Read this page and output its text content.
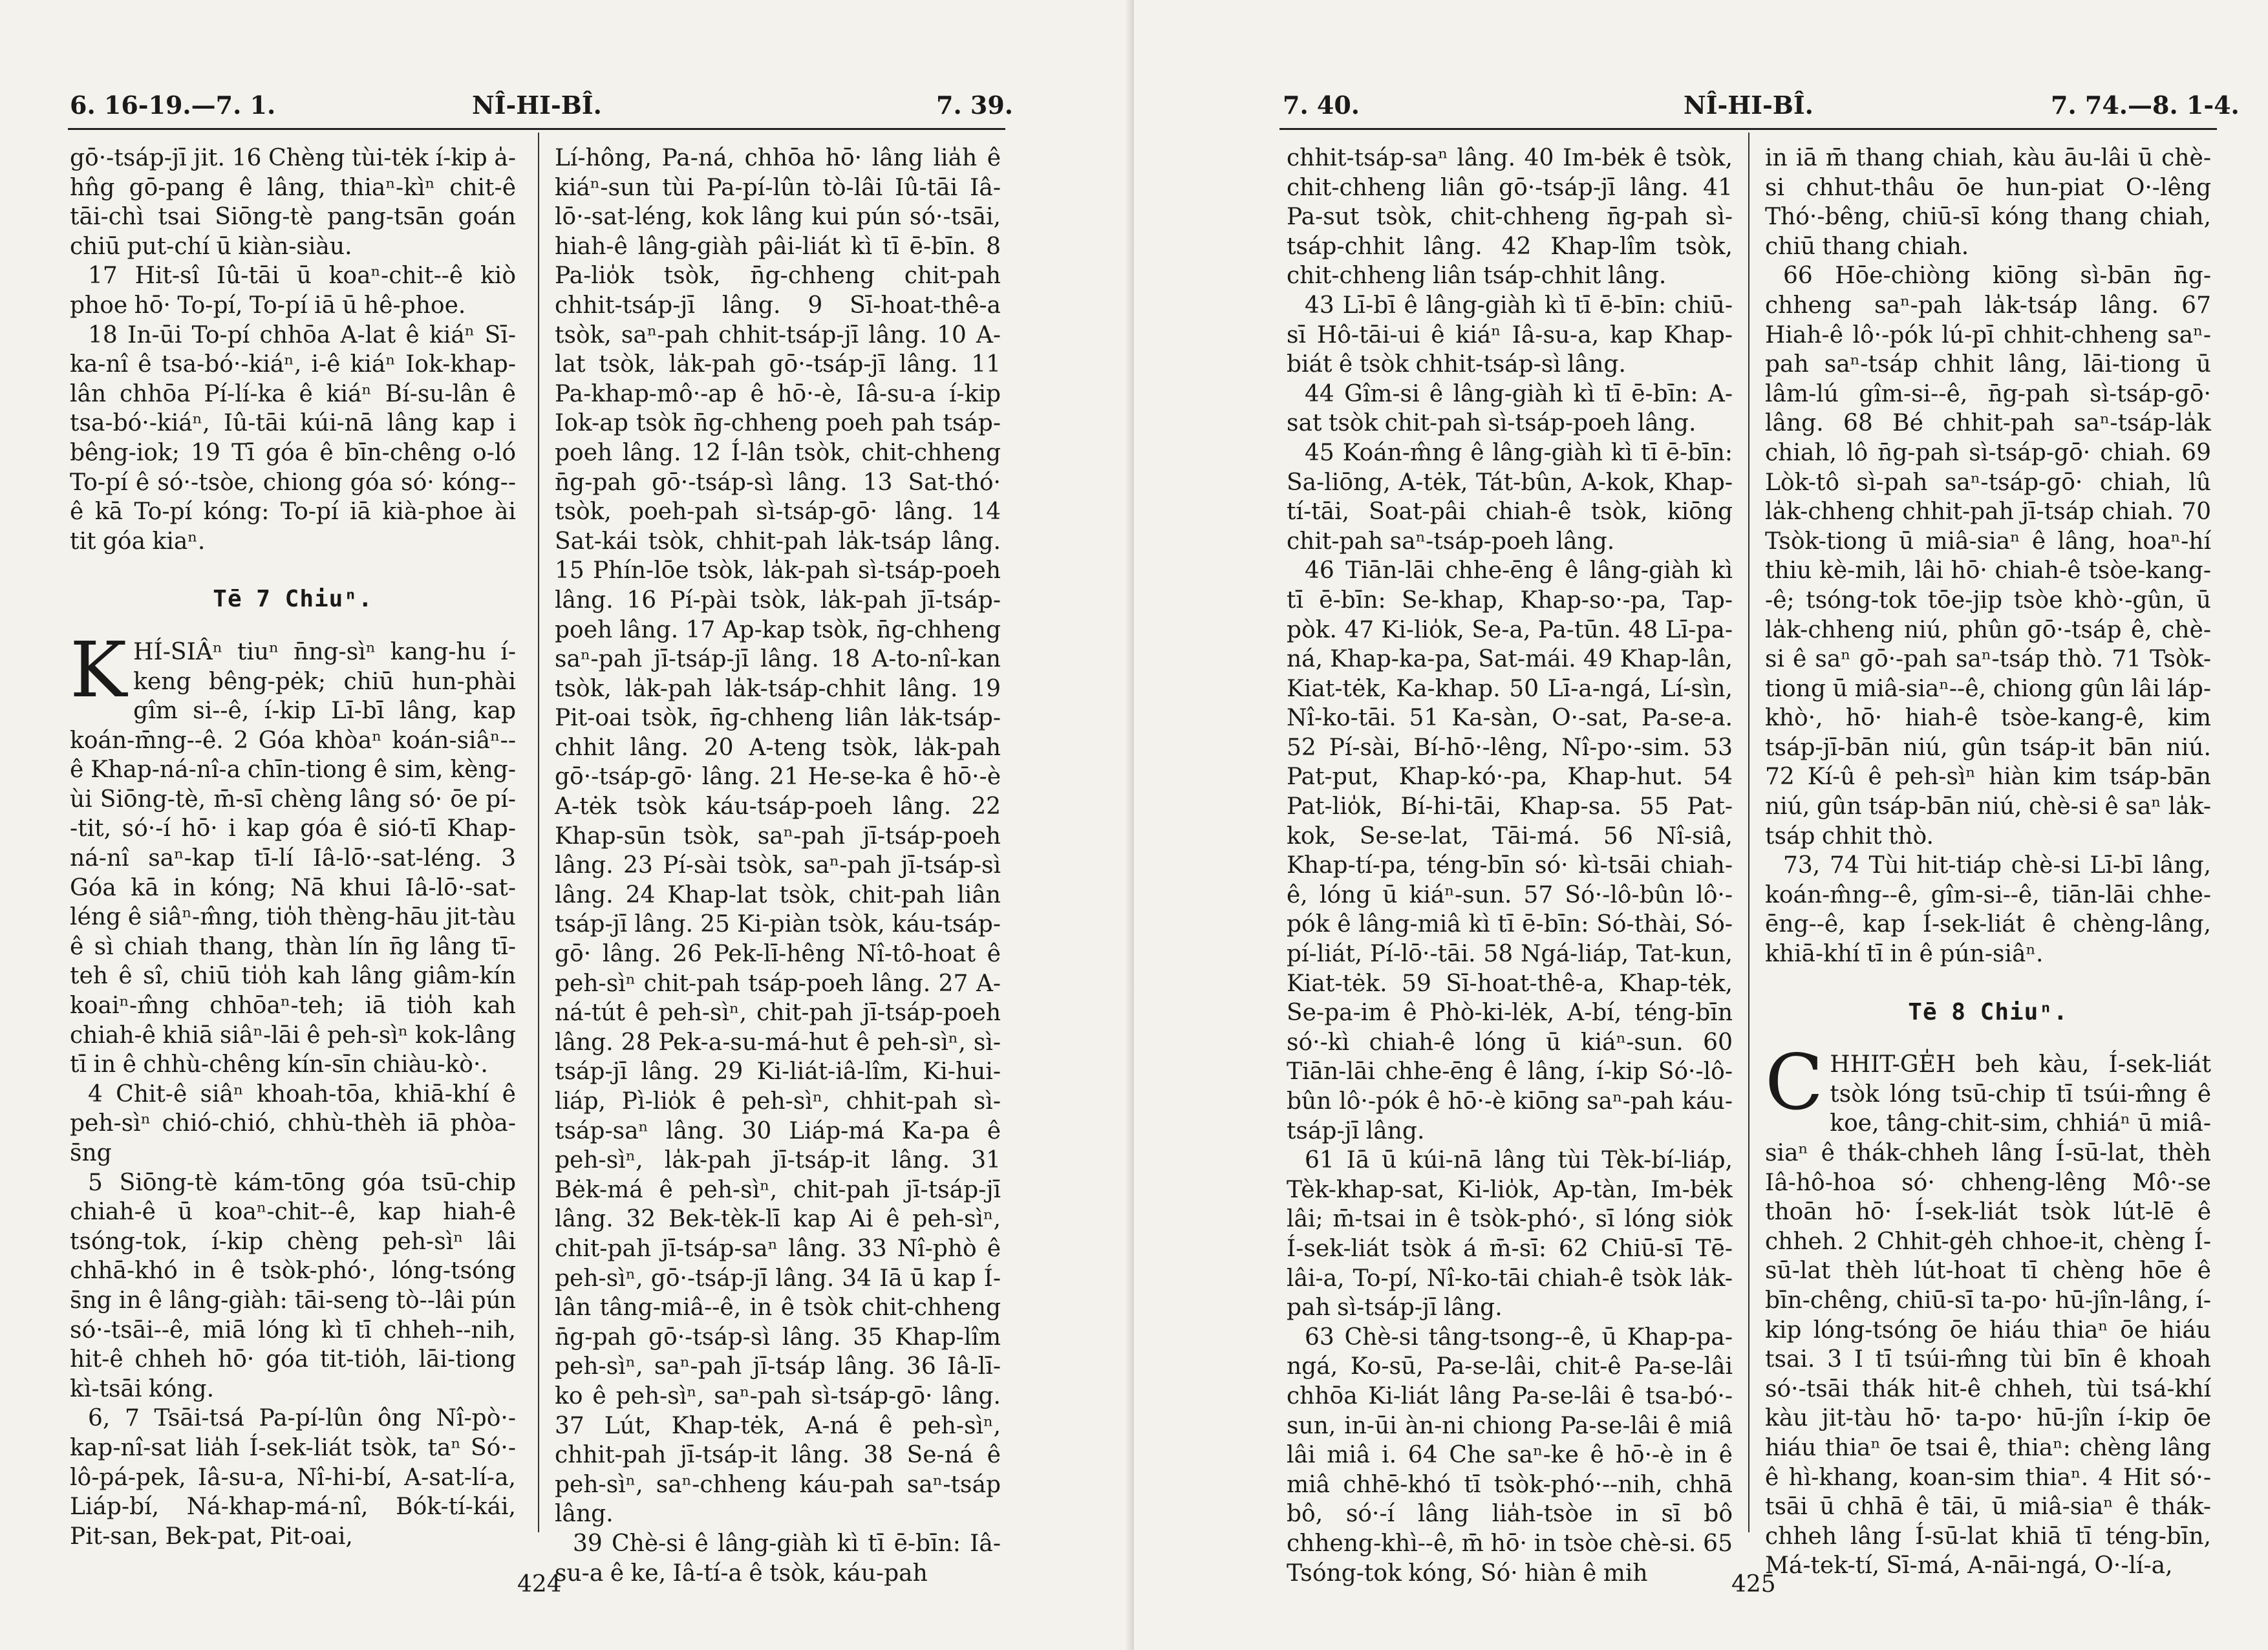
6. 16-19.—7. 1.	NÎ-HI-BÎ.	7. 39.

gō·-tsáp-jī jit. 16 Chèng tùi-tėk í-kip a̍-hn̂g gō-pang ê lâng, thiaⁿ-kìⁿ chit-ê tāi-chì tsai Siōng-tè pang-tsān goán chiū put-chí ū kiàn-siàu.

17 Hit-sî Iû-tāi ū koaⁿ-chit--ê kiò phoe hō· To-pí, To-pí iā ū hê-phoe.

18 In-ūi To-pí chhōa A-lat ê kiáⁿ Sī-ka-nî ê tsa-bó·-kiáⁿ, i-ê kiáⁿ Iok-khap-lân chhōa Pí-lí-ka ê kiáⁿ Bí-su-lân ê tsa-bó·-kiáⁿ, Iû-tāi kúi-nā lâng kap i bêng-iok; 19 Tī góa ê bīn-chêng o-ló To-pí ê só·-tsòe, chiong góa só· kóng--ê kā To-pí kóng: To-pí iā kià-phoe ài tit góa kiaⁿ.

Tē 7 Chiuⁿ.

KHÍ-SIÂⁿ tiuⁿ n̄ng-sìⁿ kang-hu í-keng bêng-pėk; chiū hun-phài gîm si--ê, í-kip Lī-bī lâng, kap koán-m̄ng--ê. 2 Góa khòaⁿ koán-siâⁿ--ê Khap-ná-nî-a chīn-tiong ê sim, kèng-ùi Siōng-tè, m̄-sī chèng lâng só· ōe pí--tit, só·-í hō· i kap góa ê sió-tī Khap-ná-nî saⁿ-kap tī-lí Iâ-lō·-sat-léng. 3 Góa kā in kóng; Nā khui Iâ-lō·-sat-léng ê siâⁿ-m̂ng, tio̍h thèng-hāu jit-tàu ê sì chiah thang, thàn lín n̄g lâng tī-teh ê sî, chiū tio̍h kah lâng giâm-kín koaiⁿ-m̂ng chhōaⁿ-teh; iā tio̍h kah chiah-ê khiā siâⁿ-lāi ê peh-sìⁿ kok-lâng tī in ê chhù-chêng kín-sīn chiàu-kò·.

4 Chit-ê siâⁿ khoah-tōa, khiā-khí ê peh-sìⁿ chió-chió, chhù-thèh iā phòa-s̄ng

5 Siōng-tè kám-tōng góa tsū-chip chiah-ê ū koaⁿ-chit--ê, kap hiah-ê tsóng-tok, í-kip chèng peh-sìⁿ lâi chhā-khó in ê tsòk-phó·, lóng-tsóng s̄ng in ê lâng-giàh: tāi-seng tò--lâi pún só·-tsāi--ê, miā lóng kì tī chheh--nih, hit-ê chheh hō· góa tit-tio̍h, lāi-tiong kì-tsāi kóng.

6, 7 Tsāi-tsá Pa-pí-lûn ông Nî-pò·-kap-nî-sat lia̍h Í-sek-liát tsòk, taⁿ Só·-lô-pá-pek, Iâ-su-a, Nî-hi-bí, A-sat-lí-a, Liáp-bí, Ná-khap-má-nî, Bók-tí-kái, Pit-san, Bek-pat, Pit-oai,

Lí-hông, Pa-ná, chhōa hō· lâng lia̍h ê kiáⁿ-sun tùi Pa-pí-lûn tò-lâi Iû-tāi Iâ-lō·-sat-léng, kok lâng kui pún só·-tsāi, hiah-ê lâng-giàh pâi-liát kì tī ē-bīn. 8 Pa-lio̍k tsòk, n̄g-chheng chit-pah chhit-tsáp-jī lâng. 9 Sī-hoat-thê-a tsòk, saⁿ-pah chhit-tsáp-jī lâng. 10 A-lat tsòk, la̍k-pah gō·-tsáp-jī lâng. 11 Pa-khap-mô·-ap ê hō·-è, Iâ-su-a í-kip Iok-ap tsòk n̄g-chheng poeh pah tsáp-poeh lâng. 12 Í-lân tsòk, chit-chheng n̄g-pah gō·-tsáp-sì lâng. 13 Sat-thó· tsòk, poeh-pah sì-tsáp-gō· lâng. 14 Sat-kái tsòk, chhit-pah la̍k-tsáp lâng. 15 Phín-lōe tsòk, la̍k-pah sì-tsáp-poeh lâng. 16 Pí-pài tsòk, la̍k-pah jī-tsáp-poeh lâng. 17 Ap-kap tsòk, n̄g-chheng saⁿ-pah jī-tsáp-jī lâng. 18 A-to-nî-kan tsòk, la̍k-pah la̍k-tsáp-chhit lâng. 19 Pit-oai tsòk, n̄g-chheng liân la̍k-tsáp-chhit lâng. 20 A-teng tsòk, la̍k-pah gō·-tsáp-gō· lâng. 21 He-se-ka ê hō·-è A-tėk tsòk káu-tsáp-poeh lâng. 22 Khap-sūn tsòk, saⁿ-pah jī-tsáp-poeh lâng. 23 Pí-sài tsòk, saⁿ-pah jī-tsáp-sì lâng. 24 Khap-lat tsòk, chit-pah liân tsáp-jī lâng. 25 Ki-piàn tsòk, káu-tsáp-gō· lâng. 26 Pek-lī-hêng Nî-tô-hoat ê peh-sìⁿ chit-pah tsáp-poeh lâng. 27 A-ná-tút ê peh-sìⁿ, chit-pah jī-tsáp-poeh lâng. 28 Pek-a-su-má-hut ê peh-sìⁿ, sì-tsáp-jī lâng. 29 Ki-liát-iâ-lîm, Ki-hui-liáp, Pì-lio̍k ê peh-sìⁿ, chhit-pah sì-tsáp-saⁿ lâng. 30 Liáp-má Ka-pa ê peh-sìⁿ, la̍k-pah jī-tsáp-it lâng. 31 Bėk-má ê peh-sìⁿ, chit-pah jī-tsáp-jī lâng. 32 Bek-tèk-lī kap Ai ê peh-sìⁿ, chit-pah jī-tsáp-saⁿ lâng. 33 Nî-phò ê peh-sìⁿ, gō·-tsáp-jī lâng. 34 Iā ū kap Í-lân tâng-miâ--ê, in ê tsòk chit-chheng n̄g-pah gō·-tsáp-sì lâng. 35 Khap-lîm peh-sìⁿ, saⁿ-pah jī-tsáp lâng. 36 Iâ-lī-ko ê peh-sìⁿ, saⁿ-pah sì-tsáp-gō· lâng. 37 Lút, Khap-tėk, A-ná ê peh-sìⁿ, chhit-pah jī-tsáp-it lâng. 38 Se-ná ê peh-sìⁿ, saⁿ-chheng káu-pah saⁿ-tsáp lâng.

39 Chè-si ê lâng-giàh kì tī ē-bīn: Iâ-su-a ê ke, Iâ-tí-a ê tsòk, káu-pah

424
7. 40.	NÎ-HI-BÎ.	7. 74.—8. 1-4.

chhit-tsáp-saⁿ lâng. 40 Im-bėk ê tsòk, chit-chheng liân gō·-tsáp-jī lâng. 41 Pa-sut tsòk, chit-chheng n̄g-pah sì-tsáp-chhit lâng. 42 Khap-lîm tsòk, chit-chheng liân tsáp-chhit lâng.

43 Lī-bī ê lâng-giàh kì tī ē-bīn: chiū-sī Hô-tāi-ui ê kiáⁿ Iâ-su-a, kap Khap-biát ê tsòk chhit-tsáp-sì lâng.

44 Gîm-si ê lâng-giàh kì tī ē-bīn: A-sat tsòk chit-pah sì-tsáp-poeh lâng.

45 Koán-m̂ng ê lâng-giàh kì tī ē-bīn: Sa-liōng, A-tėk, Tát-bûn, A-kok, Khap-tí-tāi, Soat-pâi chiah-ê tsòk, kiōng chit-pah saⁿ-tsáp-poeh lâng.

46 Tiān-lāi chhe-ēng ê lâng-giàh kì tī ē-bīn: Se-khap, Khap-so·-pa, Tap-pòk. 47 Ki-lio̍k, Se-a, Pa-tūn. 48 Lī-pa-ná, Khap-ka-pa, Sat-mái. 49 Khap-lân, Kiat-tėk, Ka-khap. 50 Lī-a-ngá, Lí-sìn, Nî-ko-tāi. 51 Ka-sàn, O·-sat, Pa-se-a. 52 Pí-sài, Bí-hō·-lêng, Nî-po·-sim. 53 Pat-put, Khap-kó·-pa, Khap-hut. 54 Pat-lio̍k, Bí-hi-tāi, Khap-sa. 55 Pat-kok, Se-se-lat, Tāi-má. 56 Nî-siâ, Khap-tí-pa, téng-bīn só· kì-tsāi chiah-ê, lóng ū kiáⁿ-sun. 57 Só·-lô-bûn lô·-pók ê lâng-miâ kì tī ē-bīn: Só-thài, Só-pí-liát, Pí-lō·-tāi. 58 Ngá-liáp, Tat-kun, Kiat-tėk. 59 Sī-hoat-thê-a, Khap-tėk, Se-pa-im ê Phò-ki-lėk, A-bí, téng-bīn só·-kì chiah-ê lóng ū kiáⁿ-sun. 60 Tiān-lāi chhe-ēng ê lâng, í-kip Só·-lô-bûn lô·-pók ê hō·-è kiōng saⁿ-pah káu-tsáp-jī lâng.

61 Iā ū kúi-nā lâng tùi Tèk-bí-liáp, Tèk-khap-sat, Ki-lio̍k, Ap-tàn, Im-bėk lâi; m̄-tsai in ê tsòk-phó·, sī lóng sio̍k Í-sek-liát tsòk á m̄-sī: 62 Chiū-sī Tē-lâi-a, To-pí, Nî-ko-tāi chiah-ê tsòk la̍k-pah sì-tsáp-jī lâng.

63 Chè-si tâng-tsong--ê, ū Khap-pa-ngá, Ko-sū, Pa-se-lâi, chit-ê Pa-se-lâi chhōa Ki-liát lâng Pa-se-lâi ê tsa-bó·-sun, in-ūi àn-ni chiong Pa-se-lâi ê miâ lâi miâ i. 64 Che saⁿ-ke ê hō·-è in ê miâ chhē-khó tī tsòk-phó·--nih, chhā bô, só·-í lâng lia̍h-tsòe in sī bô chheng-khì--ê, m̄ hō· in tsòe chè-si. 65 Tsóng-tok kóng, Só· hiàn ê mih

in iā m̄ thang chiah, kàu āu-lâi ū chè-si chhut-thâu ōe hun-piat O·-lêng Thó·-bêng, chiū-sī kóng thang chiah, chiū thang chiah.

66 Hōe-chiòng kiōng sì-bān n̄g-chheng saⁿ-pah la̍k-tsáp lâng. 67 Hiah-ê lô·-pók lú-pī chhit-chheng saⁿ-pah saⁿ-tsáp chhit lâng, lāi-tiong ū lâm-lú gîm-si--ê, n̄g-pah sì-tsáp-gō· lâng. 68 Bé chhit-pah saⁿ-tsáp-la̍k chiah, lô n̄g-pah sì-tsáp-gō· chiah. 69 Lòk-tô sì-pah saⁿ-tsáp-gō· chiah, lû la̍k-chheng chhit-pah jī-tsáp chiah. 70 Tsòk-tiong ū miâ-siaⁿ ê lâng, hoaⁿ-hí thiu kè-mih, lâi hō· chiah-ê tsòe-kang--ê; tsóng-tok tōe-jip tsòe khò·-gûn, ū la̍k-chheng niú, phûn gō·-tsáp ê, chè-si ê saⁿ gō·-pah saⁿ-tsáp thò. 71 Tsòk-tiong ū miâ-siaⁿ--ê, chiong gûn lâi láp-khò·, hō· hiah-ê tsòe-kang-ê, kim tsáp-jī-bān niú, gûn tsáp-it bān niú. 72 Kí-û ê peh-sìⁿ hiàn kim tsáp-bān niú, gûn tsáp-bān niú, chè-si ê saⁿ la̍k-tsáp chhit thò.

73, 74 Tùi hit-tiáp chè-si Lī-bī lâng, koán-m̂ng--ê, gîm-si--ê, tiān-lāi chhe-ēng--ê, kap Í-sek-liát ê chèng-lâng, khiā-khí tī in ê pún-siâⁿ.

Tē 8 Chiuⁿ.

CHHIT-GE̍H beh kàu, Í-sek-liát tsòk lóng tsū-chip tī tsúi-m̂ng ê koe, tâng-chit-sim, chhiáⁿ ū miâ-siaⁿ ê thák-chheh lâng Í-sū-lat, thèh Iâ-hô-hoa só· chheng-lêng Mô·-se thoān hō· Í-sek-liát tsòk lút-lē ê chheh. 2 Chhit-ge̍h chhoe-it, chèng Í-sū-lat thèh lút-hoat tī chèng hōe ê bīn-chêng, chiū-sī ta-po· hū-jîn-lâng, í-kip lóng-tsóng ōe hiáu thiaⁿ ōe hiáu tsai. 3 I tī tsúi-m̂ng tùi bīn ê khoah só·-tsāi thák hit-ê chheh, tùi tsá-khí kàu jit-tàu hō· ta-po· hū-jîn í-kip ōe hiáu thiaⁿ ōe tsai ê, thiaⁿ: chèng lâng ê hì-khang, koan-sim thiaⁿ. 4 Hit só·-tsāi ū chhā ê tāi, ū miâ-siaⁿ ê thák-chheh lâng Í-sū-lat khiā tī téng-bīn, Má-tek-tí, Sī-má, A-nāi-ngá, O·-lí-a,

425
